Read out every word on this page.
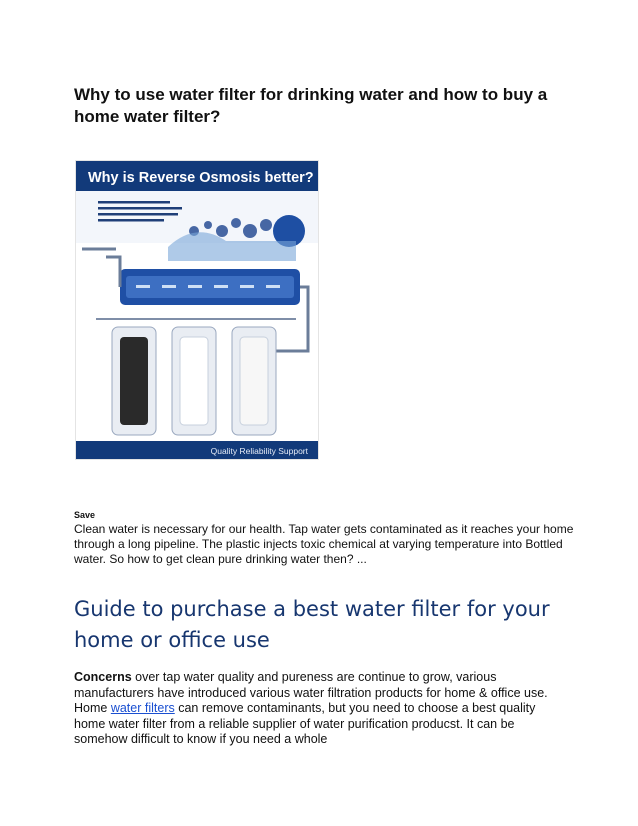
Why to use water filter for drinking water and how to buy a home water filter?
Why is Reverse Osmosis better?
Quality Reliability Support
Save
Clean water is necessary for our health. Tap water gets contaminated as it reaches your home through a long pipeline. The plastic injects toxic chemical at varying temperature into Bottled water. So how to get clean pure drinking water then? ...
Guide to purchase a best water filter for your home or office use
Concerns over tap water quality and pureness are continue to grow, various manufacturers have introduced various water filtration products for home & office use. Home water filters can remove contaminants, but you need to choose a best quality home water filter from a reliable supplier of water purification producst. It can be somehow difficult to know if you need a whole
